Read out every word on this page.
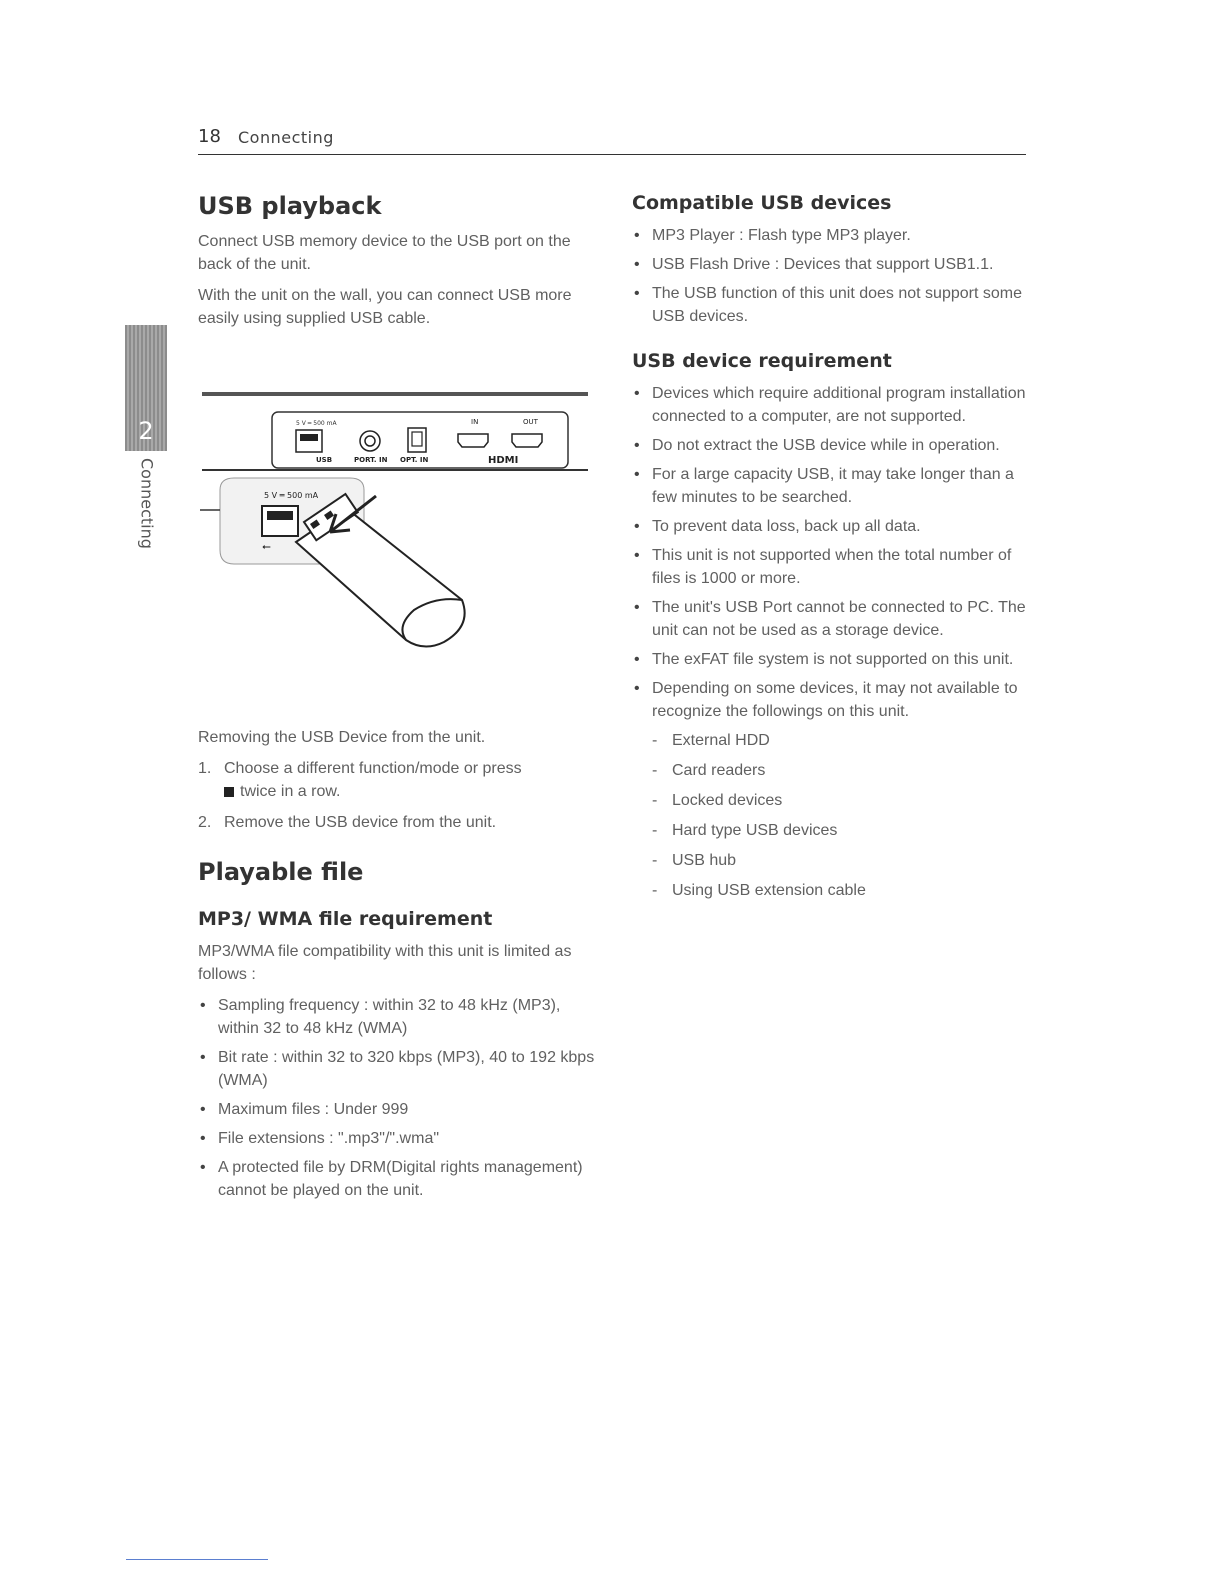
18 Connecting
2
Connecting
USB playback

Connect USB memory device to the USB port on the back of the unit.

With the unit on the wall, you can connect USB more easily using supplied USB cable.

5 V ═ 500 mA
USB	PORT. IN OPT. IN
IN	OUT
HDMI
5 V ═ 500 mA
⭠

Removing the USB Device from the unit.

1. Choose a different function/mode or press
twice in a row.
2. Remove the USB device from the unit.
Playable file
MP3/ WMA file requirement

MP3/WMA file compatibility with this unit is limited as follows :

• Sampling frequency : within 32 to 48 kHz (MP3), within 32 to 48 kHz (WMA)
• Bit rate : within 32 to 320 kbps (MP3), 40 to 192 kbps (WMA)
• Maximum files : Under 999
• File extensions : ".mp3"/".wma"
• A protected file by DRM(Digital rights management) cannot be played on the unit.
Compatible USB devices
• MP3 Player : Flash type MP3 player.
• USB Flash Drive : Devices that support USB1.1.
• The USB function of this unit does not support some USB devices.
USB device requirement
• Devices which require additional program installation connected to a computer, are not supported.
• Do not extract the USB device while in operation.
• For a large capacity USB, it may take longer than a few minutes to be searched.
• To prevent data loss, back up all data.
• This unit is not supported when the total number of files is 1000 or more.
• The unit's USB Port cannot be connected to PC. The unit can not be used as a storage device.
• The exFAT file system is not supported on this unit.
• Depending on some devices, it may not available to recognize the followings on this unit.
- External HDD
- Card readers
- Locked devices
- Hard type USB devices
- USB hub
- Using USB extension cable
